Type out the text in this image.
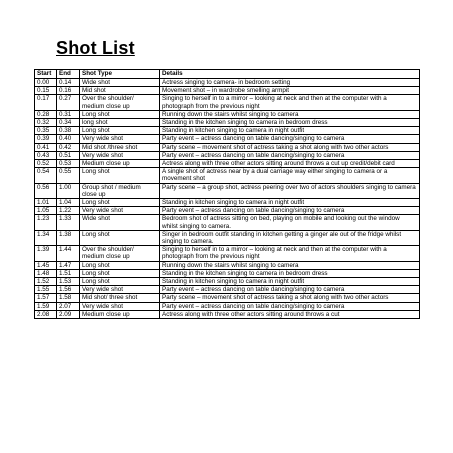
Shot List
Start	End	Shot Type	Details
0.00	0.14	Wide shot	Actress singing to camera- in bedroom setting
0.15	0.16	Mid shot	Movement shot – in wardrobe smelling armpit
0.17	0.27	Over the shoulder/ medium close up	Singing to herself in to a mirror – looking at neck and then at the computer with a photograph from the previous night
0.28	0.31	Long shot	Running down the stairs whilst singing to camera
0.32	0.34	long shot	Standing in the kitchen singing to camera in bedroom dress
0.35	0.38	Long shot	Standing in kitchen singing to camera in night outfit
0.39	0.40	Very wide shot	Party event – actress dancing on table dancing/singing to camera
0.41	0.42	Mid shot /three shot	Party scene – movement shot of actress taking a shot along with two other actors
0.43	0.51	Very wide shot	Party event – actress dancing on table dancing/singing to camera
0.52	0.53	Medium close up	Actress along with three other actors sitting around throws a cut up credit/debit card
0.54	0.55	Long shot	A single shot of actress near by a dual carriage way either singing to camera or a movement shot
0.56	1.00	Group shot / medium close up	Party scene – a group shot, actress peering over two of actors shoulders singing to camera
1.01	1.04	Long shot	Standing in kitchen singing to camera in night outfit
1.05	1.22	Very wide shot	Party event – actress dancing on table dancing/singing to camera
1.23	1.33	Wide shot	Bedroom shot of actress sitting on bed, playing on mobile and looking out the window whilst singing to camera.
1.34	1.38	Long shot	Singer in bedroom outfit standing in kitchen getting a ginger ale out of the fridge whilst singing to camera.
1.39	1.44	Over the shoulder/ medium close up	Singing to herself in to a mirror – looking at neck and then at the computer with a photograph from the previous night
1.45	1.47	Long shot	Running down the stairs whilst singing to camera
1.48	1.51	Long shot	Standing in the kitchen singing to camera in bedroom dress
1.52	1.53	Long shot	Standing in kitchen singing to camera in night outfit
1.55	1.56	Very wide shot	Party event – actress dancing on table dancing/singing to camera
1.57	1.58	Mid shot/ three shot	Party scene – movement shot of actress taking a shot along with two other actors
1.59	2.07	Very wide shot	Party event – actress dancing on table dancing/singing to camera
2.08	2.09	Medium close up	Actress along with three other actors sitting around throws a cut
